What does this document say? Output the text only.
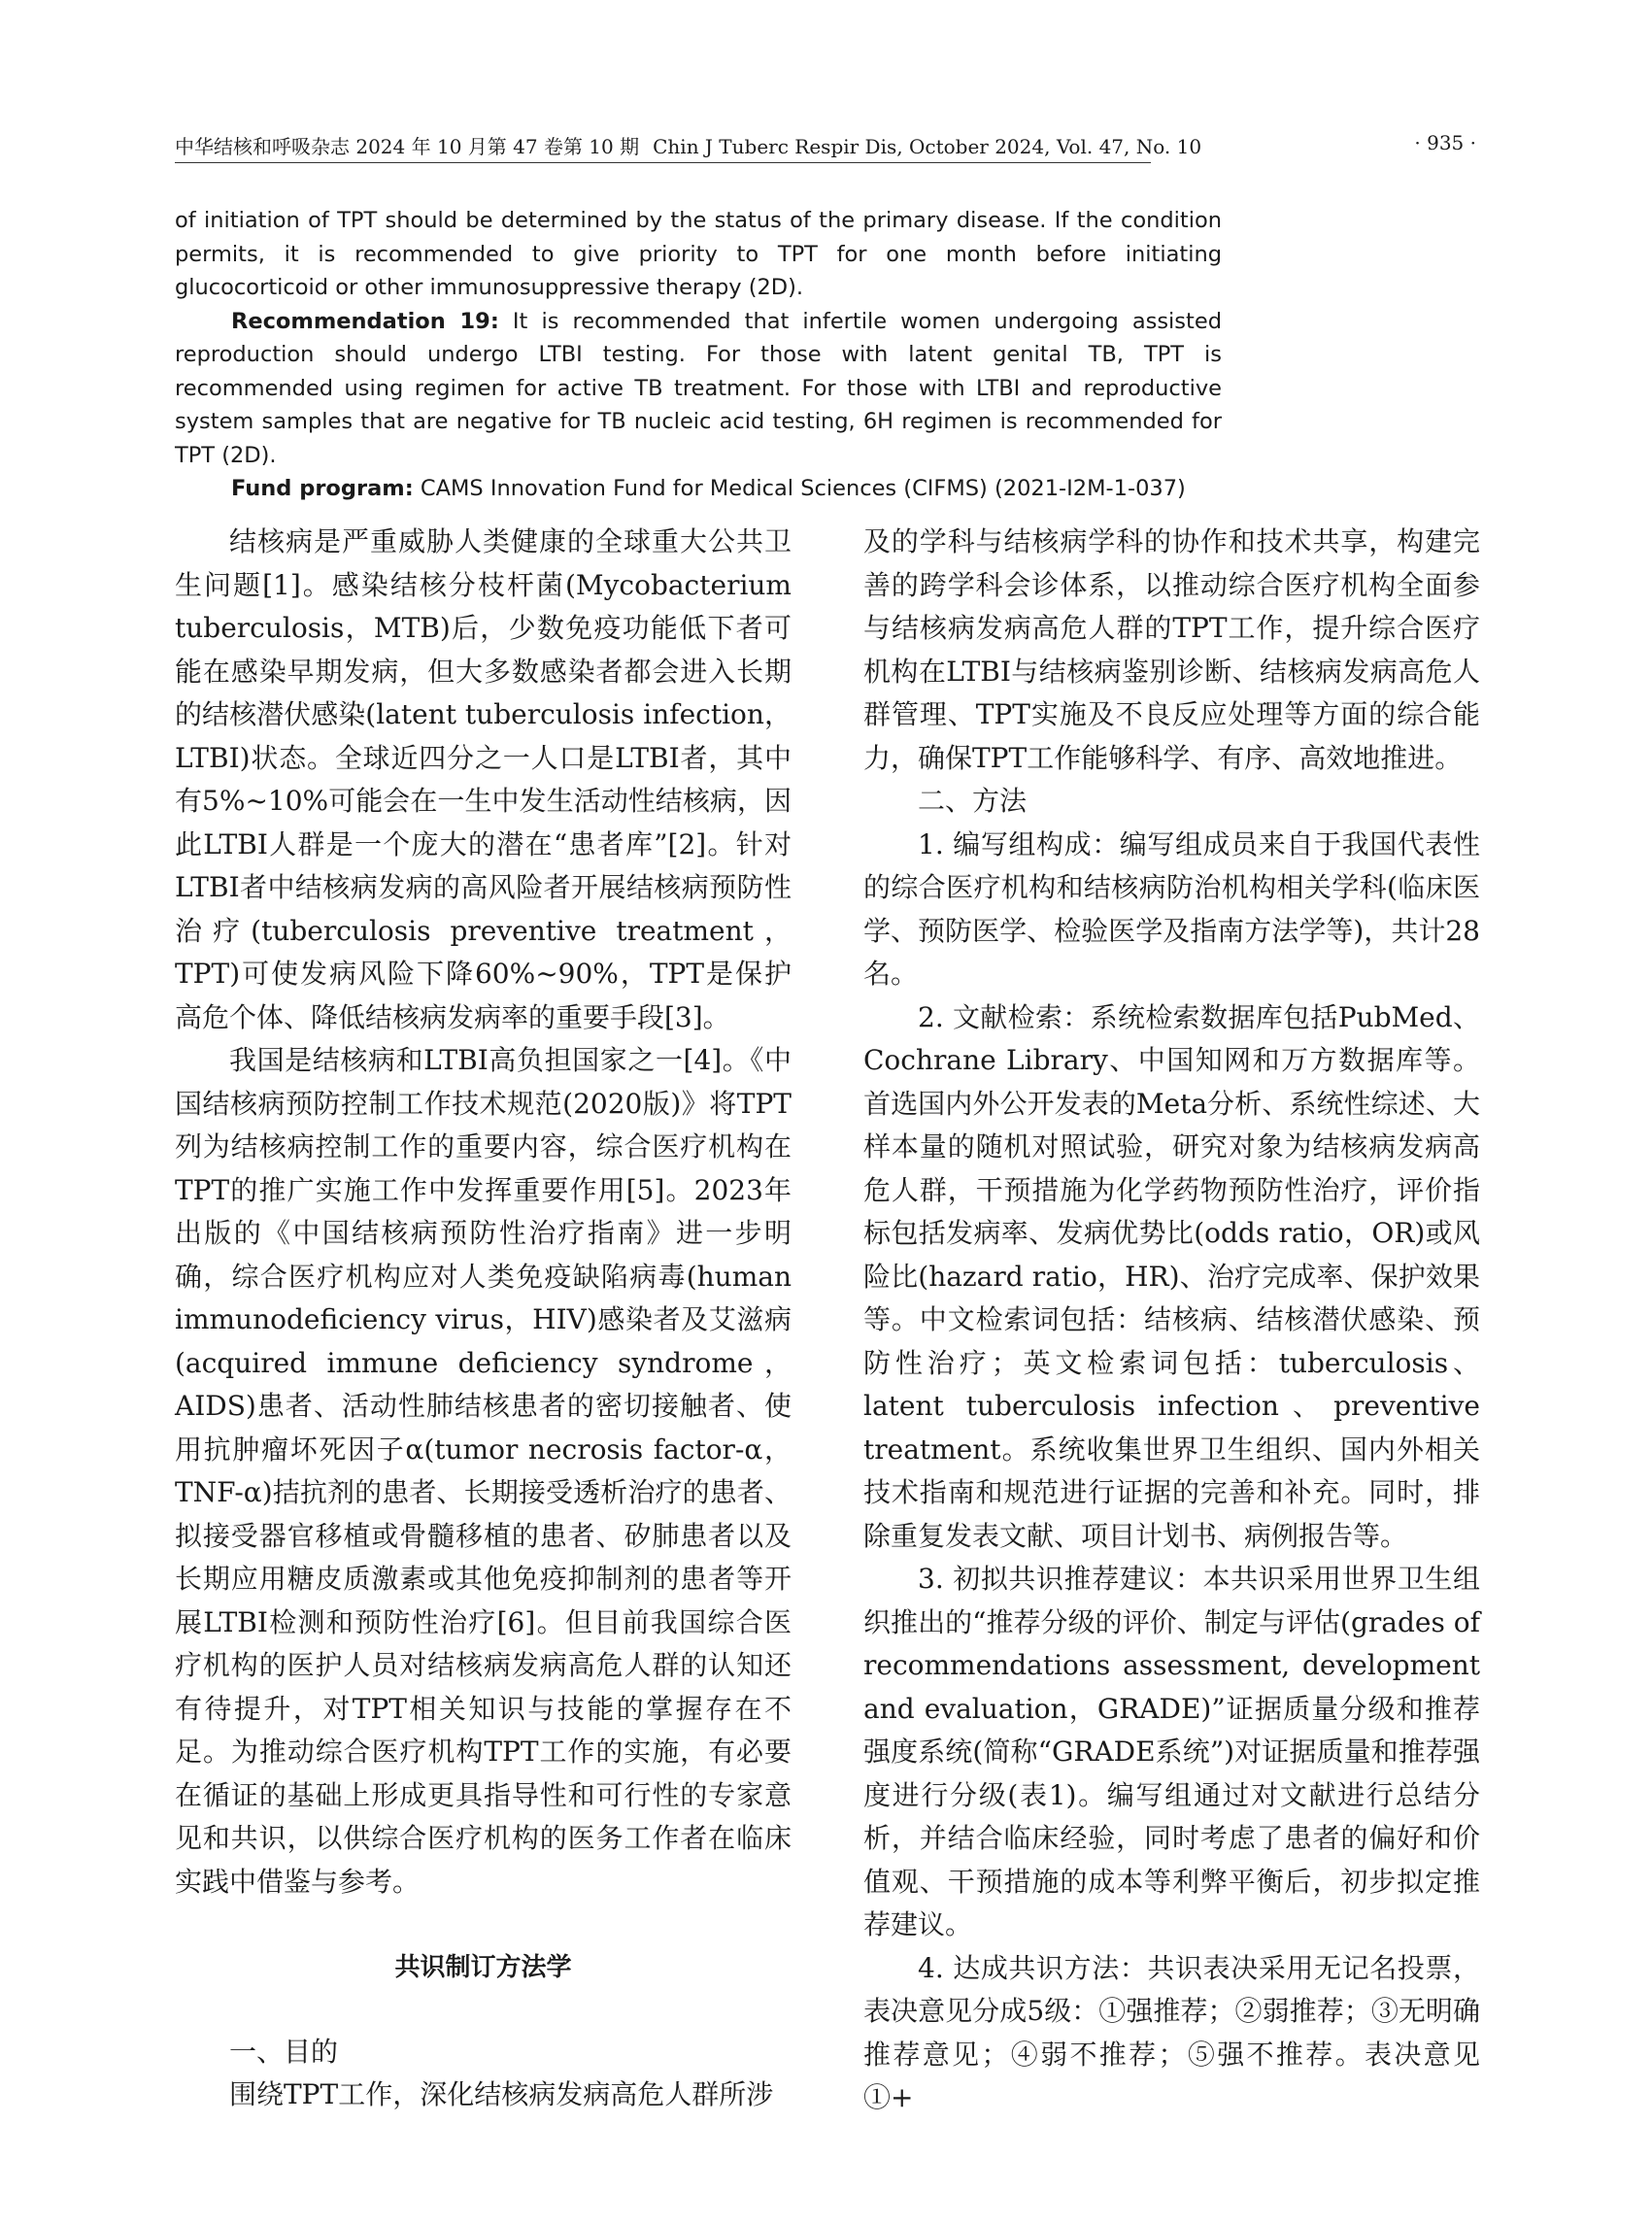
中华结核和呼吸杂志 2024 年 10 月第 47 卷第 10 期 Chin J Tuberc Respir Dis, October 2024, Vol. 47, No. 10	· 935 ·

of initiation of TPT should be determined by the status of the primary disease. If the condition permits, it is recommended to give priority to TPT for one month before initiating glucocorticoid or other immunosuppressive therapy (2D).

Recommendation 19: It is recommended that infertile women undergoing assisted reproduction should undergo LTBI testing. For those with latent genital TB, TPT is recommended using regimen for active TB treatment. For those with LTBI and reproductive system samples that are negative for TB nucleic acid testing, 6H regimen is recommended for TPT (2D).

Fund program: CAMS Innovation Fund for Medical Sciences (CIFMS) (2021-I2M-1-037)

结核病是严重威胁人类健康的全球重大公共卫生问题[1]。感染结核分枝杆菌(Mycobacterium tuberculosis，MTB)后，少数免疫功能低下者可能在感染早期发病，但大多数感染者都会进入长期的结核潜伏感染(latent tuberculosis infection，LTBI)状态。全球近四分之一人口是LTBI者，其中有5%~10%可能会在一生中发生活动性结核病，因此LTBI人群是一个庞大的潜在“患者库”[2]。针对LTBI者中结核病发病的高风险者开展结核病预防性治疗(tuberculosis preventive treatment，TPT)可使发病风险下降60%~90%，TPT是保护高危个体、降低结核病发病率的重要手段[3]。

我国是结核病和LTBI高负担国家之一[4]。《中国结核病预防控制工作技术规范(2020版)》将TPT列为结核病控制工作的重要内容，综合医疗机构在TPT的推广实施工作中发挥重要作用[5]。2023年出版的《中国结核病预防性治疗指南》进一步明确，综合医疗机构应对人类免疫缺陷病毒(human immunodeficiency virus，HIV)感染者及艾滋病(acquired immune deficiency syndrome，AIDS)患者、活动性肺结核患者的密切接触者、使用抗肿瘤坏死因子α(tumor necrosis factor-α，TNF-α)拮抗剂的患者、长期接受透析治疗的患者、拟接受器官移植或骨髓移植的患者、矽肺患者以及长期应用糖皮质激素或其他免疫抑制剂的患者等开展LTBI检测和预防性治疗[6]。但目前我国综合医疗机构的医护人员对结核病发病高危人群的认知还有待提升，对TPT相关知识与技能的掌握存在不足。为推动综合医疗机构TPT工作的实施，有必要在循证的基础上形成更具指导性和可行性的专家意见和共识，以供综合医疗机构的医务工作者在临床实践中借鉴与参考。

共识制订方法学

一、目的

围绕TPT工作，深化结核病发病高危人群所涉

及的学科与结核病学科的协作和技术共享，构建完善的跨学科会诊体系，以推动综合医疗机构全面参与结核病发病高危人群的TPT工作，提升综合医疗机构在LTBI与结核病鉴别诊断、结核病发病高危人群管理、TPT实施及不良反应处理等方面的综合能力，确保TPT工作能够科学、有序、高效地推进。

二、方法

1. 编写组构成：编写组成员来自于我国代表性的综合医疗机构和结核病防治机构相关学科(临床医学、预防医学、检验医学及指南方法学等)，共计28名。

2. 文献检索：系统检索数据库包括PubMed、Cochrane Library、中国知网和万方数据库等。首选国内外公开发表的Meta分析、系统性综述、大样本量的随机对照试验，研究对象为结核病发病高危人群，干预措施为化学药物预防性治疗，评价指标包括发病率、发病优势比(odds ratio，OR)或风险比(hazard ratio，HR)、治疗完成率、保护效果等。中文检索词包括：结核病、结核潜伏感染、预防性治疗；英文检索词包括：tuberculosis、latent tuberculosis infection、preventive treatment。系统收集世界卫生组织、国内外相关技术指南和规范进行证据的完善和补充。同时，排除重复发表文献、项目计划书、病例报告等。

3. 初拟共识推荐建议：本共识采用世界卫生组织推出的“推荐分级的评价、制定与评估(grades of recommendations assessment, development and evaluation，GRADE)”证据质量分级和推荐强度系统(简称“GRADE系统”)对证据质量和推荐强度进行分级(表1)。编写组通过对文献进行总结分析，并结合临床经验，同时考虑了患者的偏好和价值观、干预措施的成本等利弊平衡后，初步拟定推荐建议。

4. 达成共识方法：共识表决采用无记名投票，表决意见分成5级：①强推荐；②弱推荐；③无明确推荐意见；④弱不推荐；⑤强不推荐。表决意见①+
